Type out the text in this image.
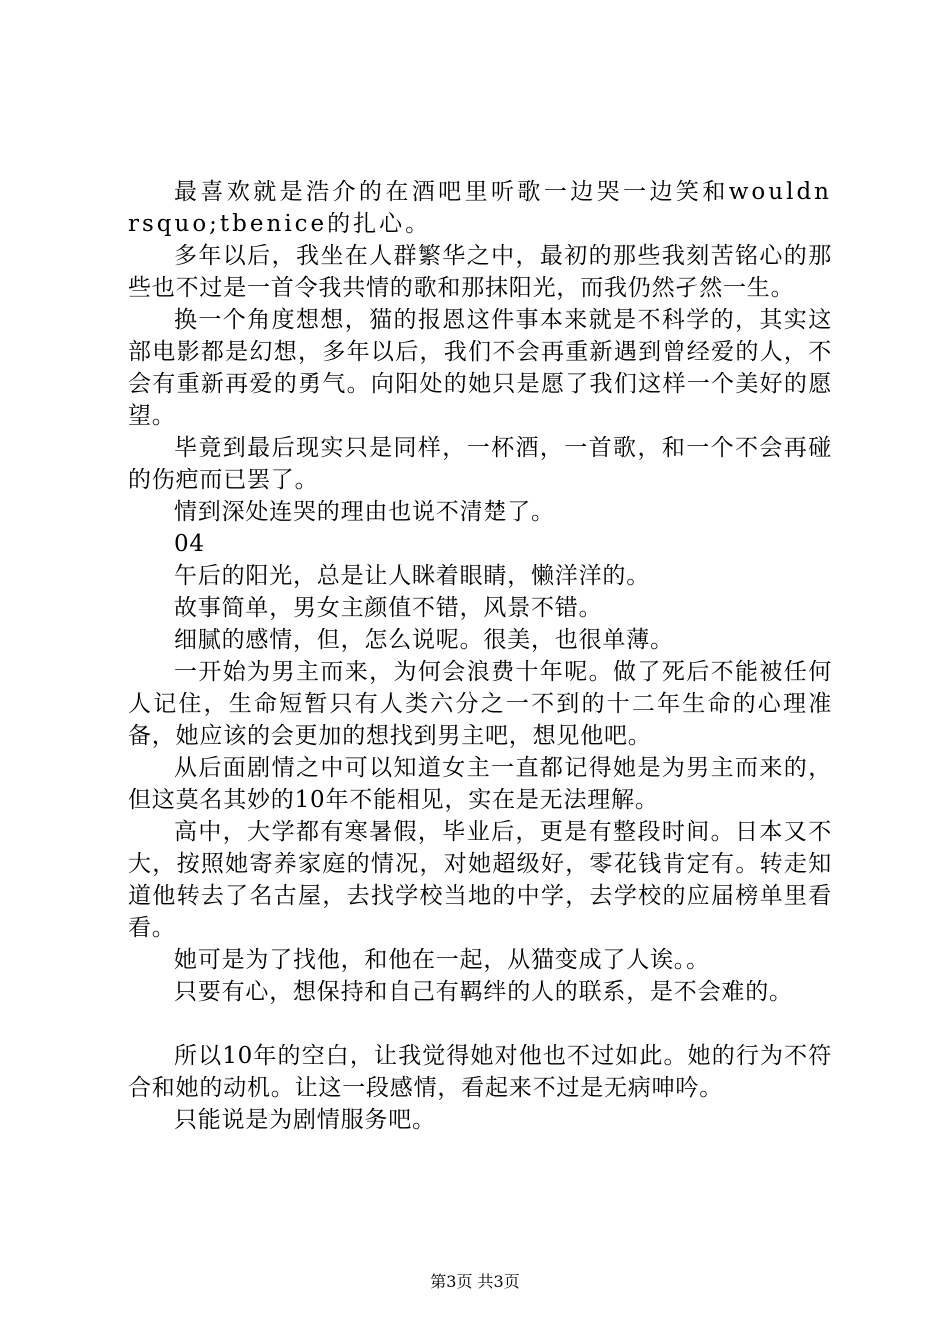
最喜欢就是浩介的在酒吧里听歌一边哭一边笑和wouldnrsquo;tbenice的扎心。

多年以后，我坐在人群繁华之中，最初的那些我刻苦铭心的那些也不过是一首令我共情的歌和那抹阳光，而我仍然孑然一生。

换一个角度想想，猫的报恩这件事本来就是不科学的，其实这部电影都是幻想，多年以后，我们不会再重新遇到曾经爱的人，不会有重新再爱的勇气。向阳处的她只是愿了我们这样一个美好的愿望。

毕竟到最后现实只是同样，一杯酒，一首歌，和一个不会再碰的伤疤而已罢了。

情到深处连哭的理由也说不清楚了。

04

午后的阳光，总是让人眯着眼睛，懒洋洋的。

故事简单，男女主颜值不错，风景不错。

细腻的感情，但，怎么说呢。很美，也很单薄。

一开始为男主而来，为何会浪费十年呢。做了死后不能被任何人记住，生命短暂只有人类六分之一不到的十二年生命的心理准备，她应该的会更加的想找到男主吧，想见他吧。

从后面剧情之中可以知道女主一直都记得她是为男主而来的，但这莫名其妙的10年不能相见，实在是无法理解。

高中，大学都有寒暑假，毕业后，更是有整段时间。日本又不大，按照她寄养家庭的情况，对她超级好，零花钱肯定有。转走知道他转去了名古屋，去找学校当地的中学，去学校的应届榜单里看看。

她可是为了找他，和他在一起，从猫变成了人诶。。

只要有心，想保持和自己有羁绊的人的联系，是不会难的。

所以10年的空白，让我觉得她对他也不过如此。她的行为不符合和她的动机。让这一段感情，看起来不过是无病呻吟。

只能说是为剧情服务吧。

第3页 共3页
